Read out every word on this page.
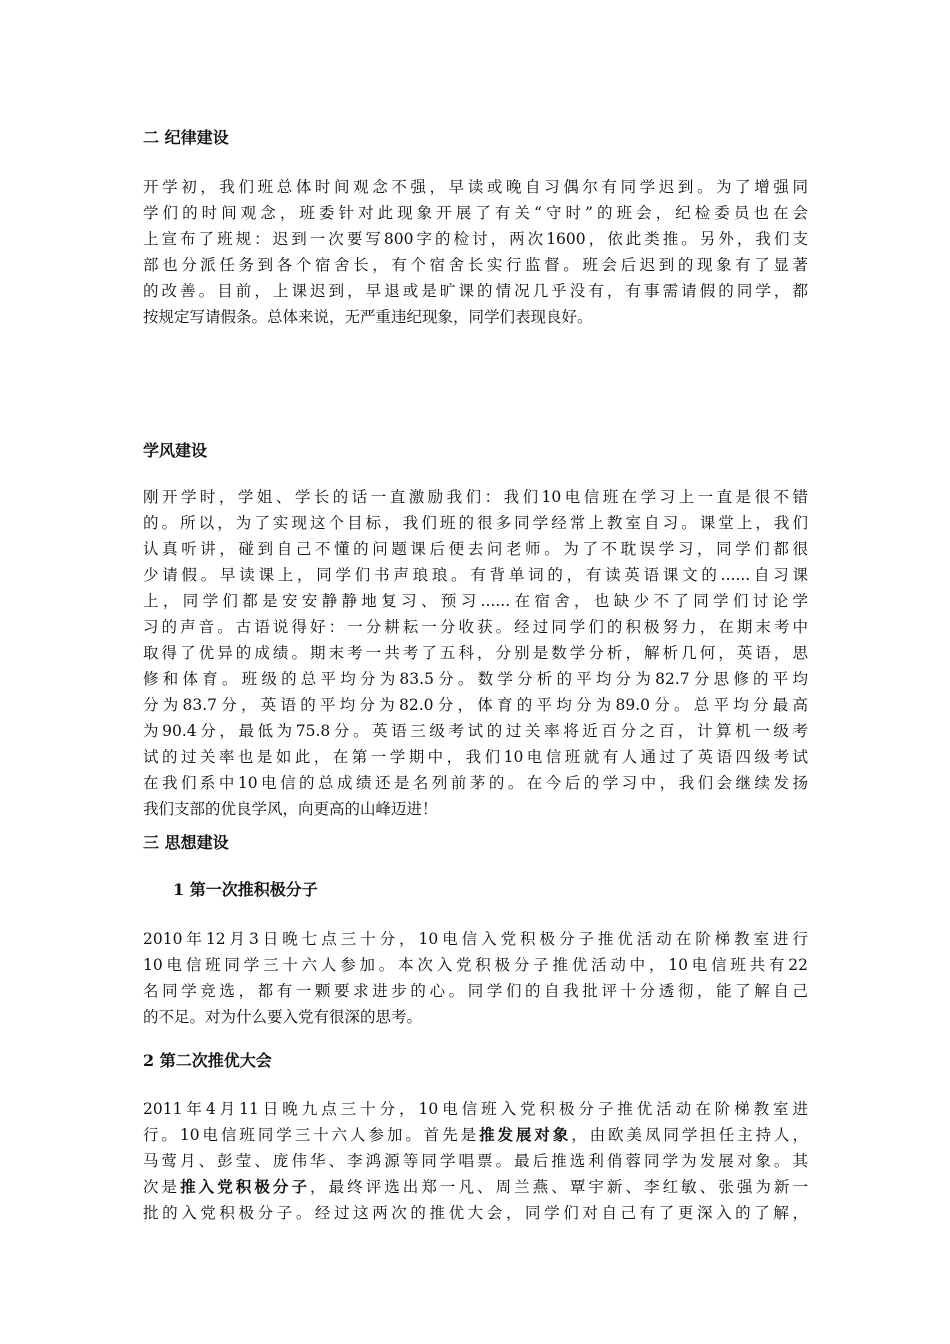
二 纪律建设
开学初，我们班总体时间观念不强，早读或晚自习偶尔有同学迟到。为了增强同
学们的时间观念，班委针对此现象开展了有关“守时”的班会，纪检委员也在会
上宣布了班规：迟到一次要写800字的检讨，两次1600，依此类推。另外，我们支
部也分派任务到各个宿舍长，有个宿舍长实行监督。班会后迟到的现象有了显著
的改善。目前，上课迟到，早退或是旷课的情况几乎没有，有事需请假的同学，都
按规定写请假条。总体来说，无严重违纪现象，同学们表现良好。
学风建设
刚开学时，学姐、学长的话一直激励我们：我们10电信班在学习上一直是很不错
的。所以，为了实现这个目标，我们班的很多同学经常上教室自习。课堂上，我们
认真听讲，碰到自己不懂的问题课后便去问老师。为了不耽误学习，同学们都很
少请假。早读课上，同学们书声琅琅。有背单词的，有读英语课文的......自习课
上，同学们都是安安静静地复习、预习......在宿舍，也缺少不了同学们讨论学
习的声音。古语说得好：一分耕耘一分收获。经过同学们的积极努力，在期末考中
取得了优异的成绩。期末考一共考了五科，分别是数学分析，解析几何，英语，思
修和体育。班级的总平均分为83.5分。数学分析的平均分为82.7分思修的平均
分为83.7分，英语的平均分为82.0分，体育的平均分为89.0分。总平均分最高
为90.4分，最低为75.8分。英语三级考试的过关率将近百分之百，计算机一级考
试的过关率也是如此，在第一学期中，我们10电信班就有人通过了英语四级考试
在我们系中10电信的总成绩还是名列前茅的。在今后的学习中，我们会继续发扬
我们支部的优良学风，向更高的山峰迈进！
三 思想建设
1 第一次推积极分子
2010年12月3日晚七点三十分，10电信入党积极分子推优活动在阶梯教室进行
10电信班同学三十六人参加。本次入党积极分子推优活动中，10电信班共有22
名同学竞选，都有一颗要求进步的心。同学们的自我批评十分透彻，能了解自己
的不足。对为什么要入党有很深的思考。
2 第二次推优大会
2011年4月11日晚九点三十分，10电信班入党积极分子推优活动在阶梯教室进
行。10电信班同学三十六人参加。首先是推发展对象，由欧美凤同学担任主持人，
马莺月、彭莹、庞伟华、李鸿源等同学唱票。最后推选利俏蓉同学为发展对象。其
次是推入党积极分子，最终评选出郑一凡、周兰燕、覃宇新、李红敏、张强为新一
批的入党积极分子。经过这两次的推优大会，同学们对自己有了更深入的了解，
